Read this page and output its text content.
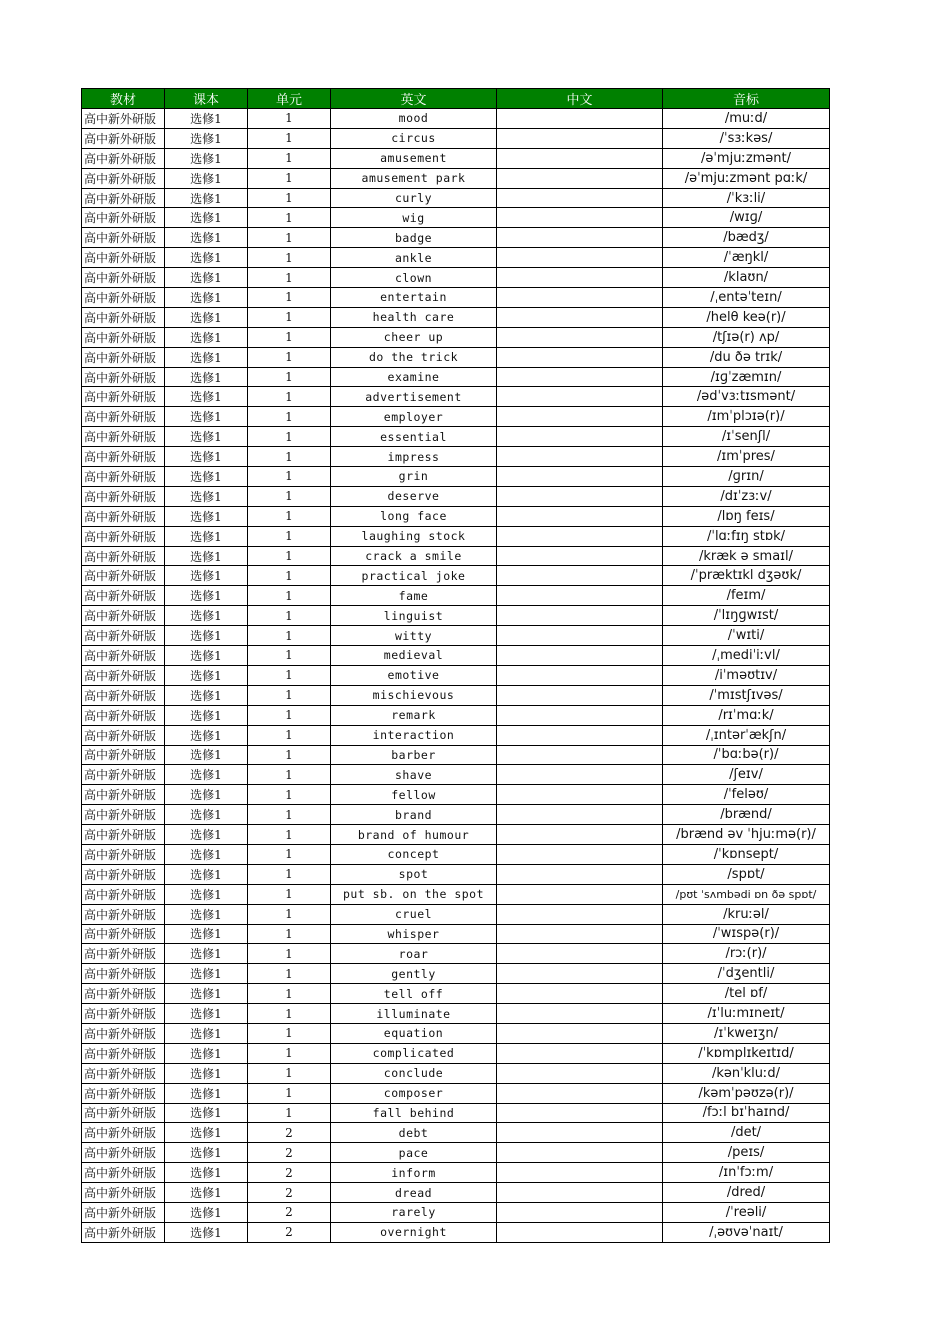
教材	课本	单元	英文	中文	音标
高中新外研版	选修1	1	mood		/muːd/
高中新外研版	选修1	1	circus		/ˈsɜːkəs/
高中新外研版	选修1	1	amusement		/əˈmjuːzmənt/
高中新外研版	选修1	1	amusement park		/əˈmjuːzmənt pɑːk/
高中新外研版	选修1	1	curly		/ˈkɜːli/
高中新外研版	选修1	1	wig		/wɪɡ/
高中新外研版	选修1	1	badge		/bædʒ/
高中新外研版	选修1	1	ankle		/ˈæŋkl/
高中新外研版	选修1	1	clown		/klaʊn/
高中新外研版	选修1	1	entertain		/ˌentəˈteɪn/
高中新外研版	选修1	1	health care		/helθ keə(r)/
高中新外研版	选修1	1	cheer up		/tʃɪə(r) ʌp/
高中新外研版	选修1	1	do the trick		/du ðə trɪk/
高中新外研版	选修1	1	examine		/ɪɡˈzæmɪn/
高中新外研版	选修1	1	advertisement		/ədˈvɜːtɪsmənt/
高中新外研版	选修1	1	employer		/ɪmˈplɔɪə(r)/
高中新外研版	选修1	1	essential		/ɪˈsenʃl/
高中新外研版	选修1	1	impress		/ɪmˈpres/
高中新外研版	选修1	1	grin		/ɡrɪn/
高中新外研版	选修1	1	deserve		/dɪˈzɜːv/
高中新外研版	选修1	1	long face		/lɒŋ feɪs/
高中新外研版	选修1	1	laughing stock		/ˈlɑːfɪŋ stɒk/
高中新外研版	选修1	1	crack a smile		/kræk ə smaɪl/
高中新外研版	选修1	1	practical joke		/ˈpræktɪkl dʒəʊk/
高中新外研版	选修1	1	fame		/feɪm/
高中新外研版	选修1	1	linguist		/ˈlɪŋɡwɪst/
高中新外研版	选修1	1	witty		/ˈwɪti/
高中新外研版	选修1	1	medieval		/ˌmediˈiːvl/
高中新外研版	选修1	1	emotive		/iˈməʊtɪv/
高中新外研版	选修1	1	mischievous		/ˈmɪstʃɪvəs/
高中新外研版	选修1	1	remark		/rɪˈmɑːk/
高中新外研版	选修1	1	interaction		/ˌɪntərˈækʃn/
高中新外研版	选修1	1	barber		/ˈbɑːbə(r)/
高中新外研版	选修1	1	shave		/ʃeɪv/
高中新外研版	选修1	1	fellow		/ˈfeləʊ/
高中新外研版	选修1	1	brand		/brænd/
高中新外研版	选修1	1	brand of humour		/brænd əv ˈhjuːmə(r)/
高中新外研版	选修1	1	concept		/ˈkɒnsept/
高中新外研版	选修1	1	spot		/spɒt/
高中新外研版	选修1	1	put sb. on the spot		/pʊt ˈsʌmbədi ɒn ðə spɒt/
高中新外研版	选修1	1	cruel		/kruːəl/
高中新外研版	选修1	1	whisper		/ˈwɪspə(r)/
高中新外研版	选修1	1	roar		/rɔː(r)/
高中新外研版	选修1	1	gently		/ˈdʒentli/
高中新外研版	选修1	1	tell off		/tel ɒf/
高中新外研版	选修1	1	illuminate		/ɪˈluːmɪneɪt/
高中新外研版	选修1	1	equation		/ɪˈkweɪʒn/
高中新外研版	选修1	1	complicated		/ˈkɒmplɪkeɪtɪd/
高中新外研版	选修1	1	conclude		/kənˈkluːd/
高中新外研版	选修1	1	composer		/kəmˈpəʊzə(r)/
高中新外研版	选修1	1	fall behind		/fɔːl bɪˈhaɪnd/
高中新外研版	选修1	2	debt		/det/
高中新外研版	选修1	2	pace		/peɪs/
高中新外研版	选修1	2	inform		/ɪnˈfɔːm/
高中新外研版	选修1	2	dread		/dred/
高中新外研版	选修1	2	rarely		/ˈreəli/
高中新外研版	选修1	2	overnight		/ˌəʊvəˈnaɪt/
